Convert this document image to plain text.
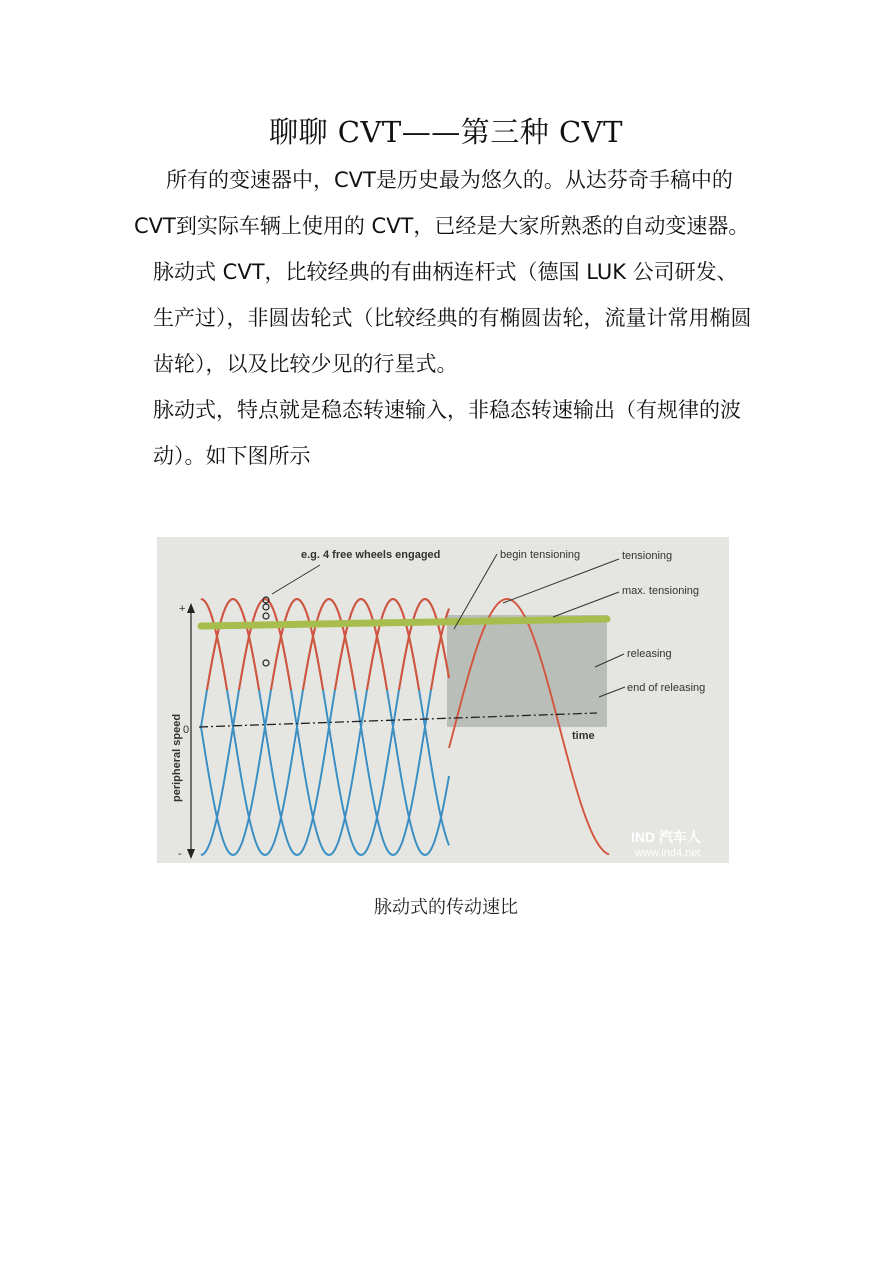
聊聊 CVT——第三种 CVT

所有的变速器中，CVT是历史最为悠久的。从达芬奇手稿中的CVT到实际车辆上使用的 CVT，已经是大家所熟悉的自动变速器。

脉动式 CVT，比较经典的有曲柄连杆式（德国 LUK 公司研发、生产过），非圆齿轮式（比较经典的有椭圆齿轮，流量计常用椭圆齿轮），以及比较少见的行星式。

脉动式，特点就是稳态转速输入，非稳态转速输出（有规律的波动）。如下图所示

e.g. 4 free wheels engaged	begin tensioning	tensioning
max. tensioning
releasing
end of releasing
time
+
0
-
peripheral speed
IND 汽车人
www.ind4.net
脉动式的传动速比
